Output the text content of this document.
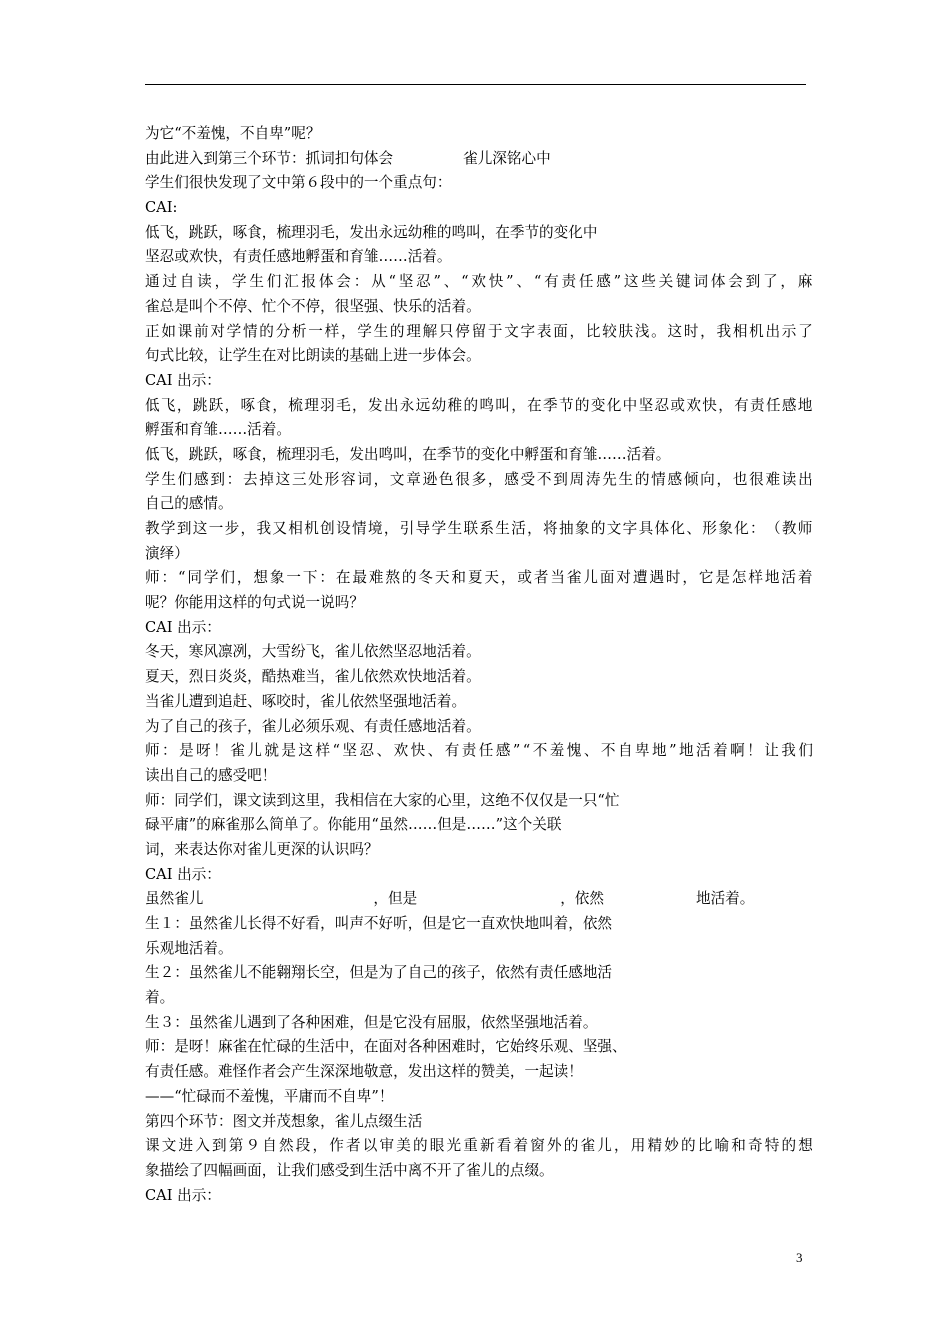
为它“不羞愧，不自卑”呢？
由此进入到第三个环节：抓词扣句体会	雀儿深铭心中
学生们很快发现了文中第６段中的一个重点句：
CAI:
低飞，跳跃，啄食，梳理羽毛，发出永远幼稚的鸣叫，在季节的变化中
坚忍或欢快，有责任感地孵蛋和育雏……活着。
通 过 自 读 ， 学 生 们 汇 报 体 会 ： 从 “ 坚 忍 ” 、 “ 欢 快 ” 、 “ 有 责 任 感 ” 这 些 关 键 词 体 会 到 了 ， 麻
雀总是叫个不停、忙个不停，很坚强、快乐的活着。
正 如 课 前 对 学 情 的 分 析 一 样 ， 学 生 的 理 解 只 停 留 于 文 字 表 面 ， 比 较 肤 浅 。 这 时 ， 我 相 机 出 示 了
句式比较，让学生在对比朗读的基础上进一步体会。
CAI 出示：
低 飞 ， 跳 跃 ， 啄 食 ， 梳 理 羽 毛 ， 发 出 永 远 幼 稚 的 鸣 叫 ， 在 季 节 的 变 化 中 坚 忍 或 欢 快 ， 有 责 任 感 地
孵蛋和育雏……活着。
低飞，跳跃，啄食，梳理羽毛，发出鸣叫，在季节的变化中孵蛋和育雏……活着。
学 生 们 感 到 ： 去 掉 这 三 处 形 容 词 ， 文 章 逊 色 很 多 ， 感 受 不 到 周 涛 先 生 的 情 感 倾 向 ， 也 很 难 读 出
自己的感情。
教 学 到 这 一 步 ， 我 又 相 机 创 设 情 境 ， 引 导 学 生 联 系 生 活 ， 将 抽 象 的 文 字 具 体 化 、 形 象 化 ： （ 教 师
演绎）
师 ： “ 同 学 们 ， 想 象 一 下 ： 在 最 难 熬 的 冬 天 和 夏 天 ， 或 者 当 雀 儿 面 对 遭 遇 时 ， 它 是 怎 样 地 活 着
呢？你能用这样的句式说一说吗？
CAI 出示：
冬天，寒风凛冽，大雪纷飞，雀儿依然坚忍地活着。
夏天，烈日炎炎，酷热难当，雀儿依然欢快地活着。
当雀儿遭到追赶、啄咬时，雀儿依然坚强地活着。
为了自己的孩子，雀儿必须乐观、有责任感地活着。
师 ： 是 呀 ！ 雀 儿 就 是 这 样 “ 坚 忍 、 欢 快 、 有 责 任 感 ” “ 不 羞 愧 、 不 自 卑 地 ” 地 活 着 啊 ！ 让 我 们
读出自己的感受吧！
师：同学们，课文读到这里，我相信在大家的心里，这绝不仅仅是一只“忙
碌平庸”的麻雀那么简单了。你能用“虽然……但是……”这个关联
词，来表达你对雀儿更深的认识吗？
CAI 出示：
虽然雀儿	，但是	，依然	地活着。
生１：虽然雀儿长得不好看，叫声不好听，但是它一直欢快地叫着，依然
乐观地活着。
生２：虽然雀儿不能翱翔长空，但是为了自己的孩子，依然有责任感地活
着。
生３：虽然雀儿遇到了各种困难，但是它没有屈服，依然坚强地活着。
师：是呀！麻雀在忙碌的生活中，在面对各种困难时，它始终乐观、坚强、
有责任感。难怪作者会产生深深地敬意，发出这样的赞美，一起读！
——“忙碌而不羞愧，平庸而不自卑”！
第四个环节：图文并茂想象，雀儿点缀生活
课 文 进 入 到 第 ９ 自 然 段 ， 作 者 以 审 美 的 眼 光 重 新 看 着 窗 外 的 雀 儿 ， 用 精 妙 的 比 喻 和 奇 特 的 想
象描绘了四幅画面，让我们感受到生活中离不开了雀儿的点缀。
CAI 出示：
3
